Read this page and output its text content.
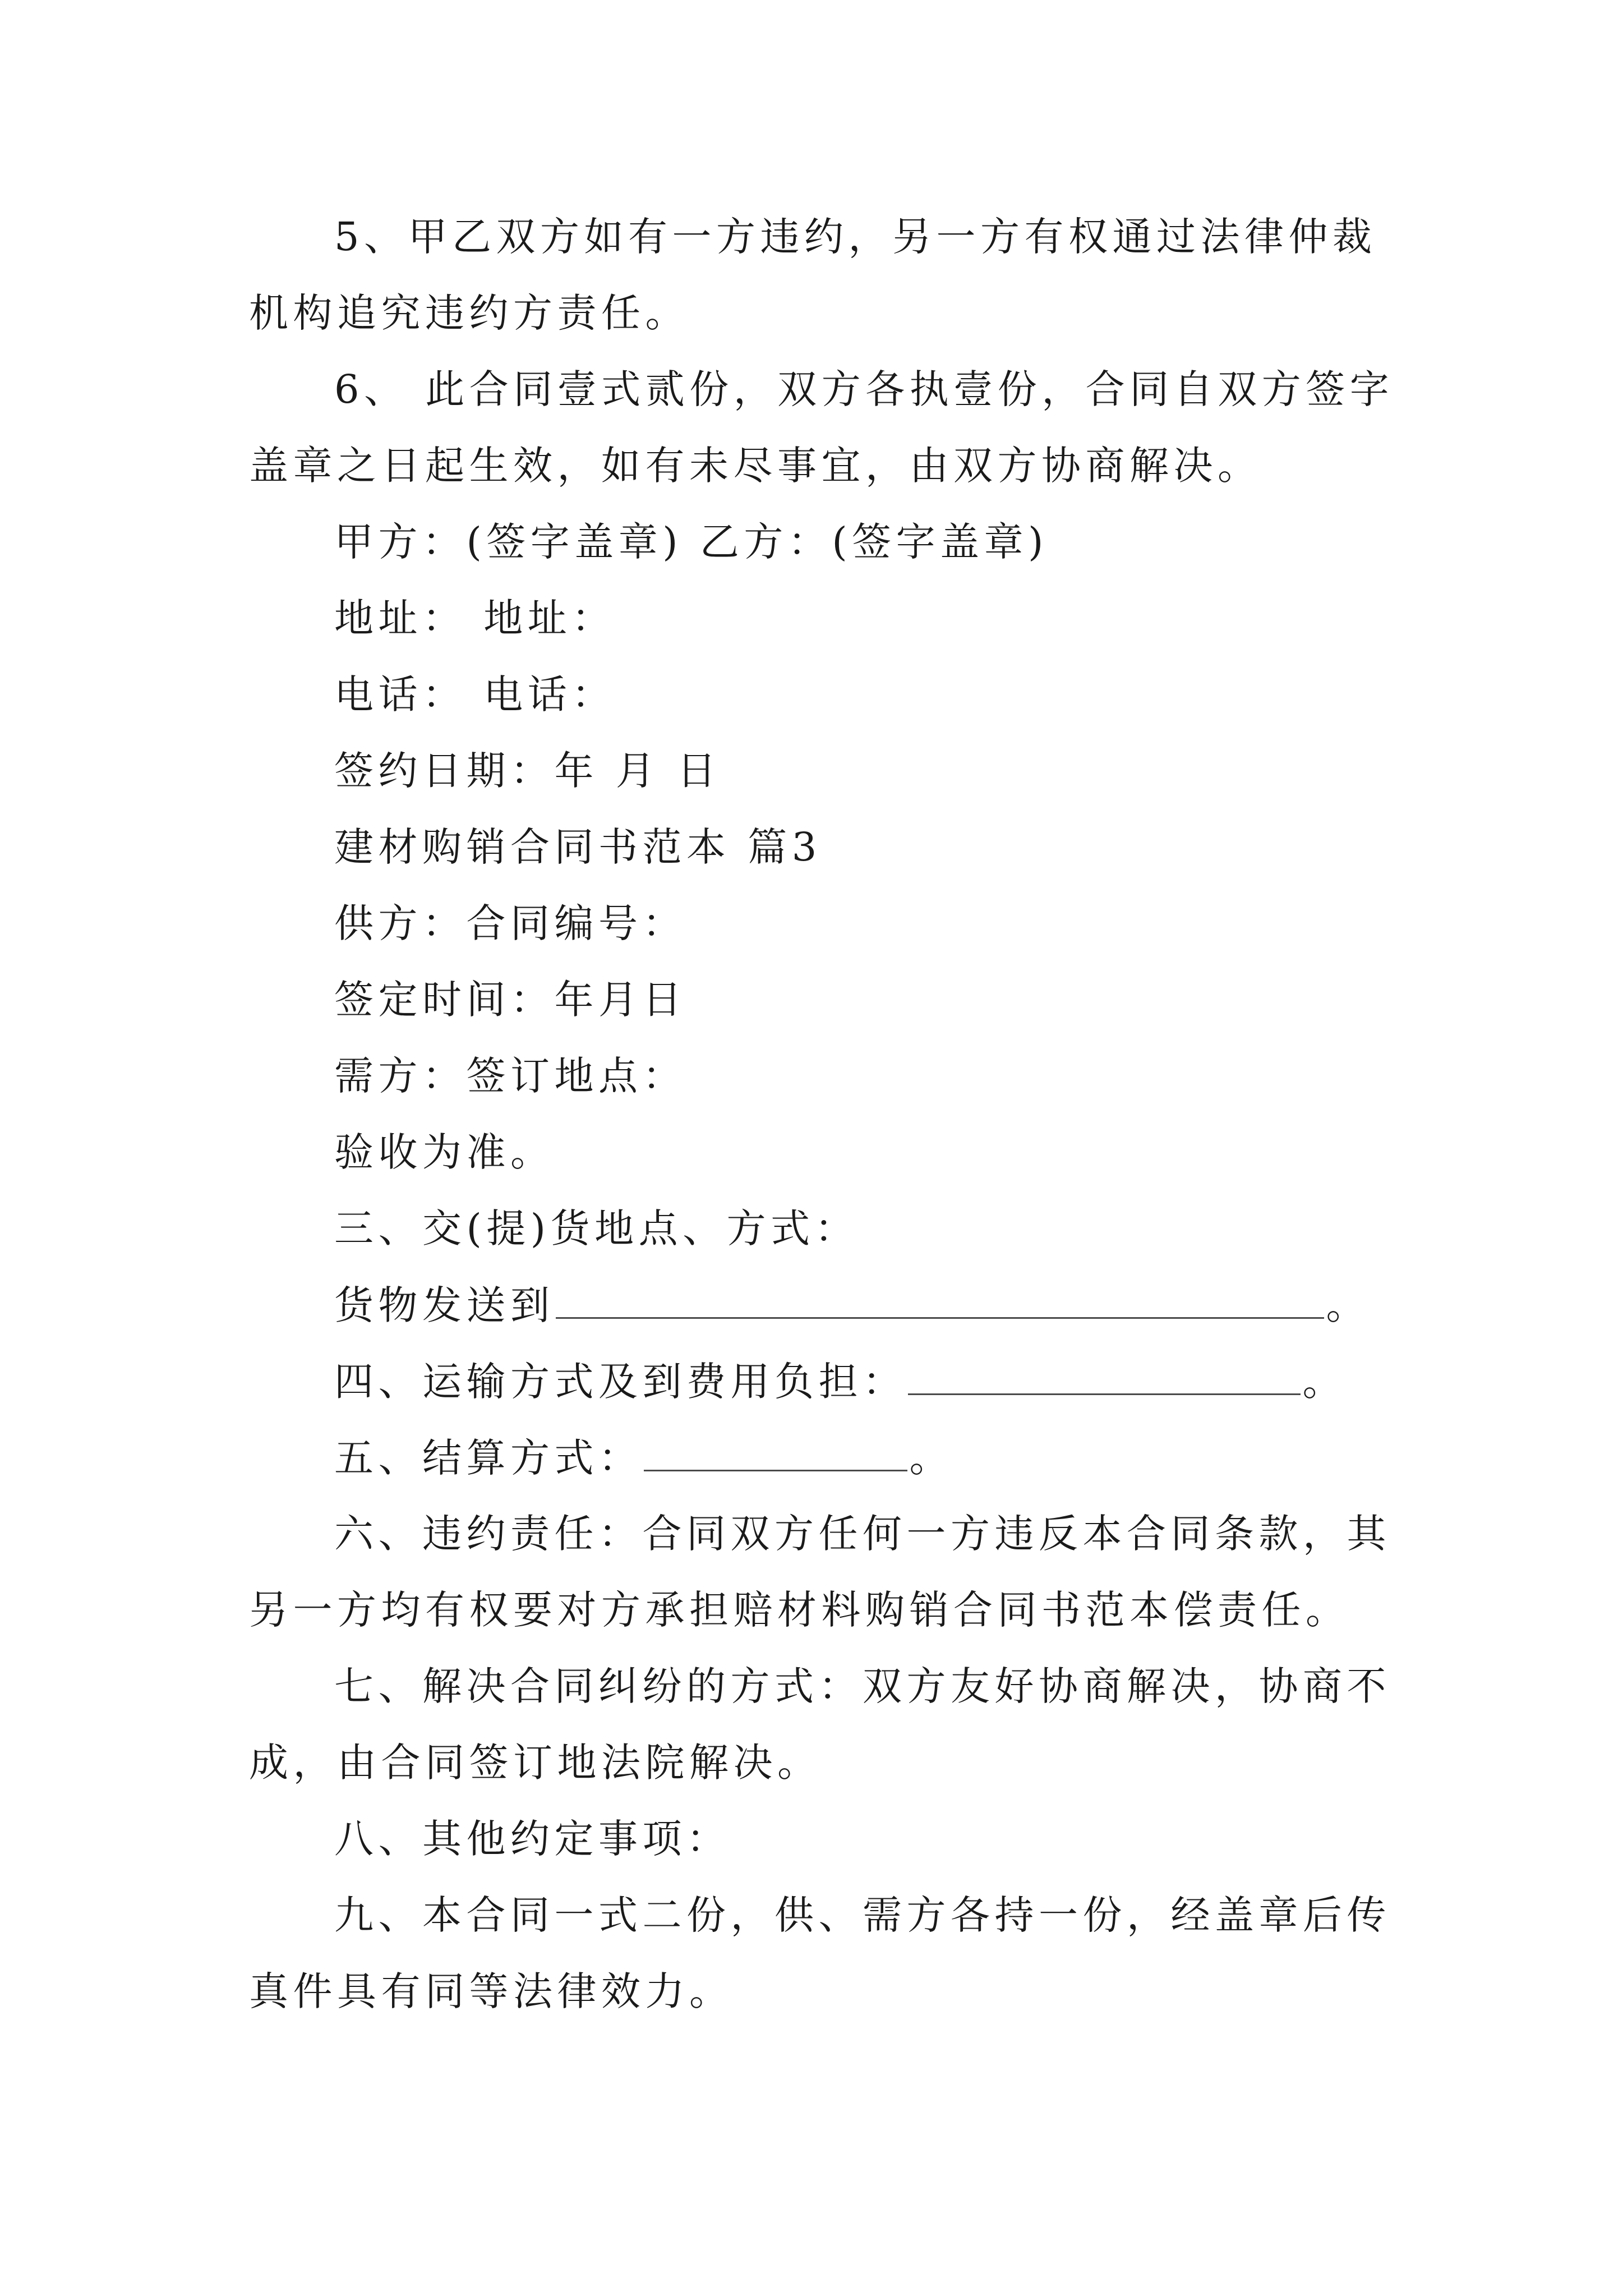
5、甲乙双方如有一方违约，另一方有权通过法律仲裁
机构追究违约方责任。
6、 此合同壹式贰份，双方各执壹份，合同自双方签字
盖章之日起生效，如有未尽事宜，由双方协商解决。
甲方：(签字盖章) 乙方：(签字盖章)
地址： 地址：
电话： 电话：
签约日期：年 月 日
建材购销合同书范本 篇3
供方：合同编号：
签定时间：年月日
需方：签订地点：
验收为准。
三、交(提)货地点、方式：
货物发送到	。
四、运输方式及到费用负担：	。
五、结算方式：	。
六、违约责任：合同双方任何一方违反本合同条款，其
另一方均有权要对方承担赔材料购销合同书范本偿责任。
七、解决合同纠纷的方式：双方友好协商解决，协商不
成，由合同签订地法院解决。
八、其他约定事项：
九、本合同一式二份，供、需方各持一份，经盖章后传
真件具有同等法律效力。
